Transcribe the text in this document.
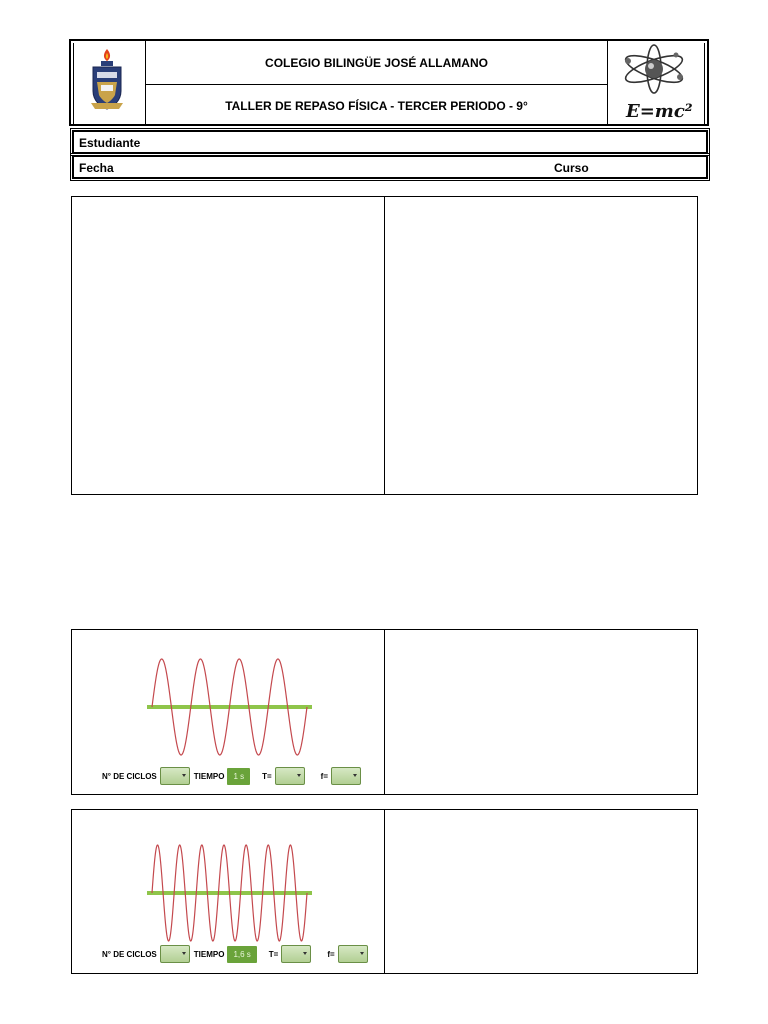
COLEGIO BILINGÜE JOSÉ ALLAMANO
TALLER DE REPASO FÍSICA - TERCER PERIODO - 9°	E=mc²
Estudiante
Fecha	Curso
N° DE CICLOS	TIEMPO	1 s	T=	f=
N° DE CICLOS	TIEMPO	1,6 s	T=	f=
